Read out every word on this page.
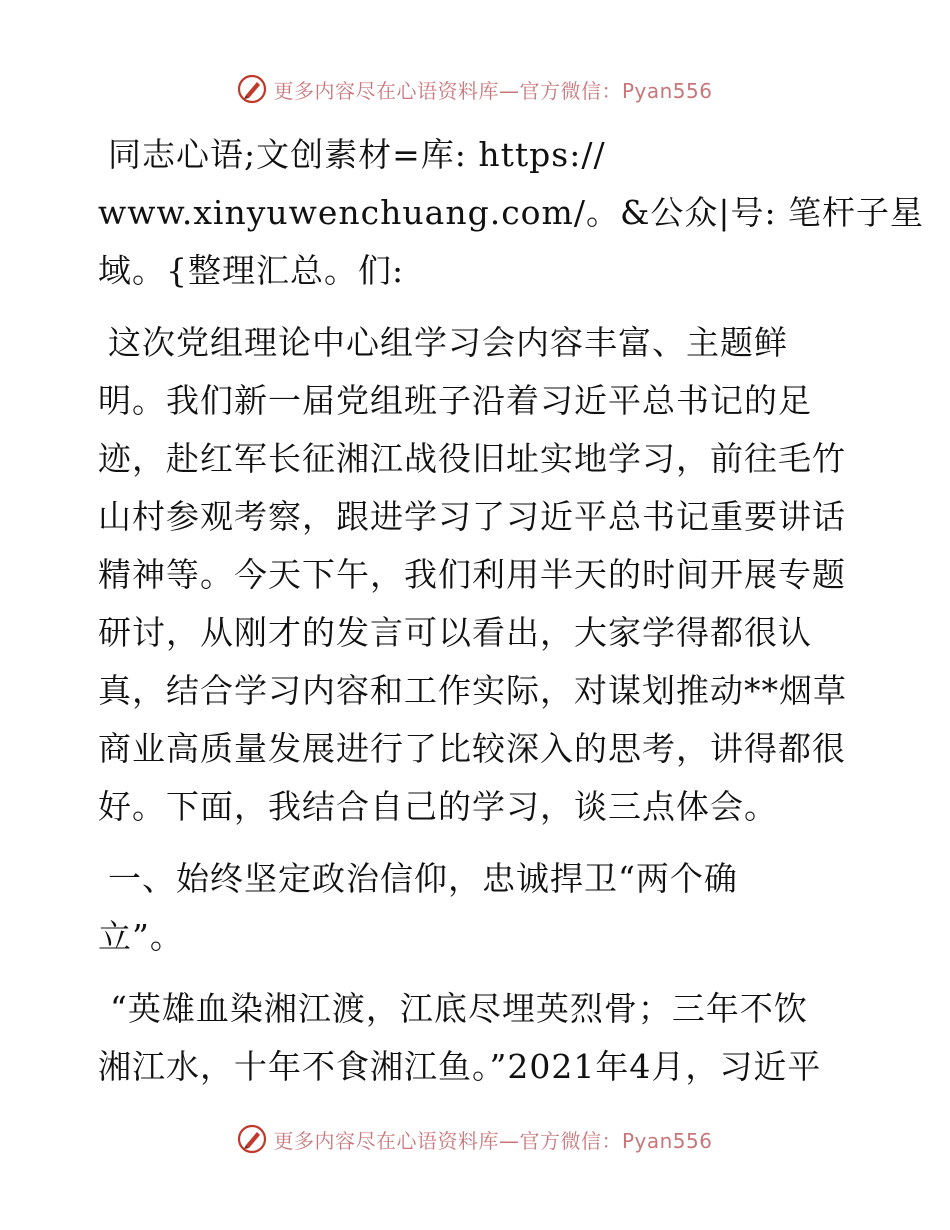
更多内容尽在心语资料库—官方微信：Pyan556
同志心语;文创素材=库: https://
www.xinyuwenchuang.com/。&公众|号: 笔杆子星
域。{整理汇总。们:
这次党组理论中心组学习会内容丰富、主题鲜
明。我们新一届党组班子沿着习近平总书记的足
迹，赴红军长征湘江战役旧址实地学习，前往毛竹
山村参观考察，跟进学习了习近平总书记重要讲话
精神等。今天下午，我们利用半天的时间开展专题
研讨，从刚才的发言可以看出，大家学得都很认
真，结合学习内容和工作实际，对谋划推动**烟草
商业高质量发展进行了比较深入的思考，讲得都很
好。下面，我结合自己的学习，谈三点体会。
一、始终坚定政治信仰，忠诚捍卫“两个确
立”。
“英雄血染湘江渡，江底尽埋英烈骨；三年不饮
湘江水，十年不食湘江鱼。”2021年4月，习近平
更多内容尽在心语资料库—官方微信：Pyan556
